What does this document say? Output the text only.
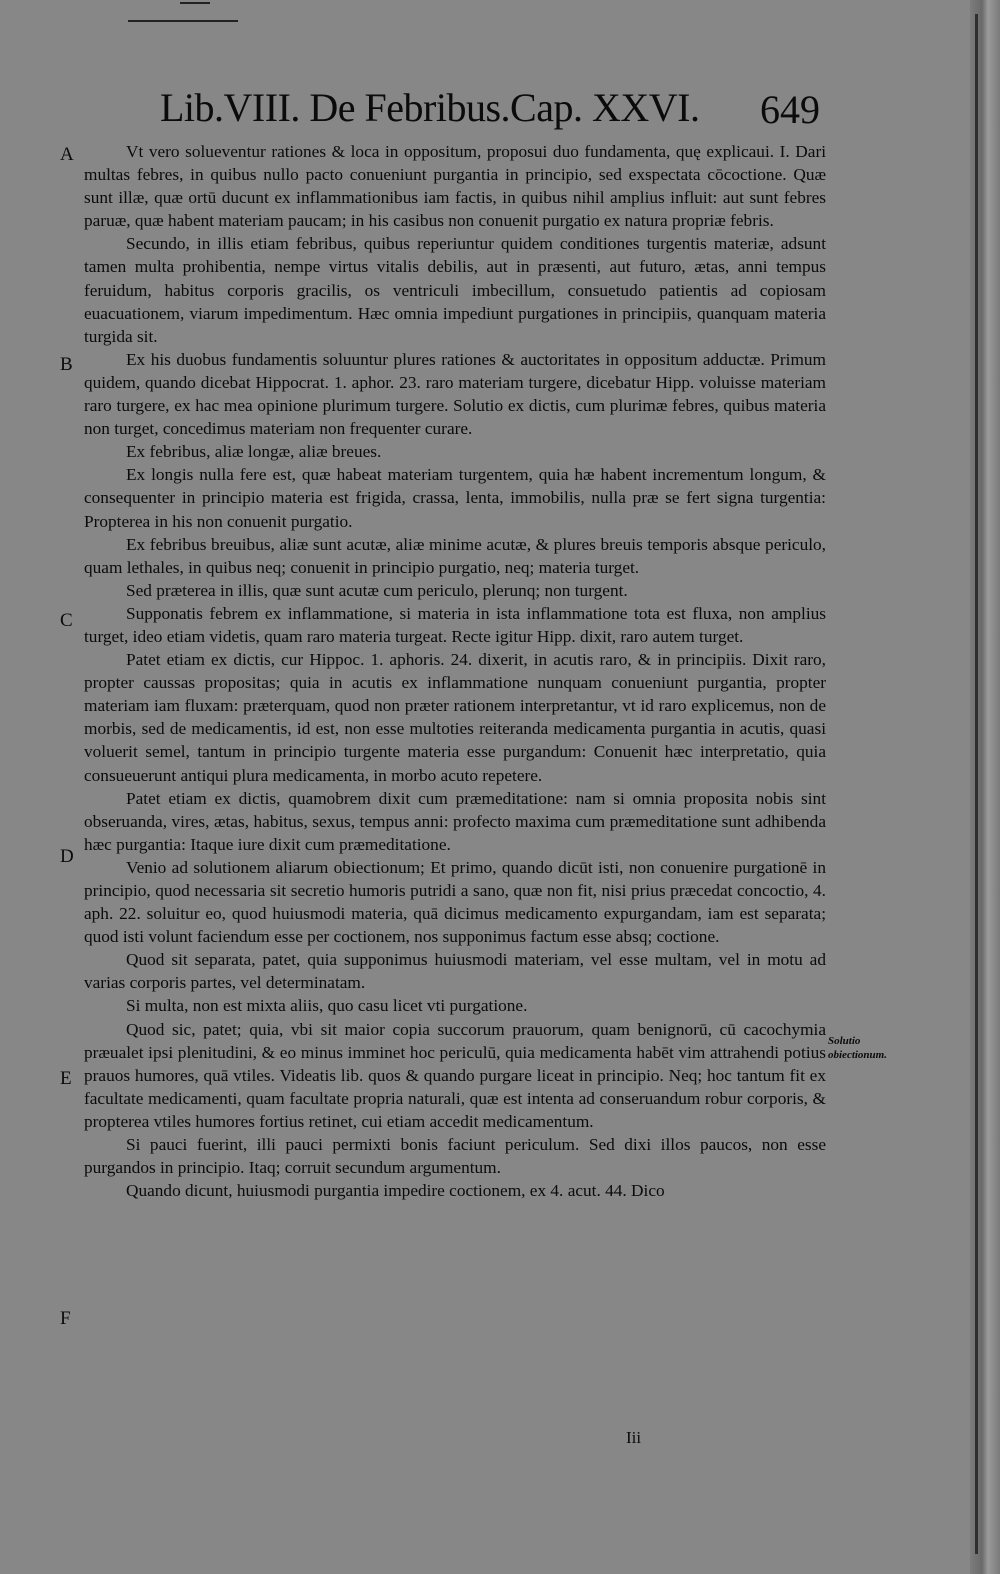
Lib.VIII. De Febribus.Cap. XXVI. 649
A
B
C
D
E
F
Solutio obiectionum.

Vt vero solueventur rationes & loca in oppositum, proposui duo fundamenta, quę explicaui. I. Dari multas febres, in quibus nullo pacto conueniunt purgantia in principio, sed exspectata cōcoctione. Quæ sunt illæ, quæ ortū ducunt ex inflammationibus iam factis, in quibus nihil amplius influit: aut sunt febres paruæ, quæ habent materiam paucam; in his casibus non conuenit purgatio ex natura propriæ febris.

Secundo, in illis etiam febribus, quibus reperiuntur quidem conditiones turgentis materiæ, adsunt tamen multa prohibentia, nempe virtus vitalis debilis, aut in præsenti, aut futuro, ætas, anni tempus feruidum, habitus corporis gracilis, os ventriculi imbecillum, consuetudo patientis ad copiosam euacuationem, viarum impedimentum. Hæc omnia impediunt purgationes in principiis, quanquam materia turgida sit.

Ex his duobus fundamentis soluuntur plures rationes & auctoritates in oppositum adductæ. Primum quidem, quando dicebat Hippocrat. 1. aphor. 23. raro materiam turgere, dicebatur Hipp. voluisse materiam raro turgere, ex hac mea opinione plurimum turgere. Solutio ex dictis, cum plurimæ febres, quibus materia non turget, concedimus materiam non frequenter curare.

Ex febribus, aliæ longæ, aliæ breues.

Ex longis nulla fere est, quæ habeat materiam turgentem, quia hæ habent incrementum longum, & consequenter in principio materia est frigida, crassa, lenta, immobilis, nulla præ se fert signa turgentia: Propterea in his non conuenit purgatio.

Ex febribus breuibus, aliæ sunt acutæ, aliæ minime acutæ, & plures breuis temporis absque periculo, quam lethales, in quibus neq; conuenit in principio purgatio, neq; materia turget.

Sed præterea in illis, quæ sunt acutæ cum periculo, plerunq; non turgent.

Supponatis febrem ex inflammatione, si materia in ista inflammatione tota est fluxa, non amplius turget, ideo etiam videtis, quam raro materia turgeat. Recte igitur Hipp. dixit, raro autem turget.

Patet etiam ex dictis, cur Hippoc. 1. aphoris. 24. dixerit, in acutis raro, & in principiis. Dixit raro, propter caussas propositas; quia in acutis ex inflammatione nunquam conueniunt purgantia, propter materiam iam fluxam: præterquam, quod non præter rationem interpretantur, vt id raro explicemus, non de morbis, sed de medicamentis, id est, non esse multoties reiteranda medicamenta purgantia in acutis, quasi voluerit semel, tantum in principio turgente materia esse purgandum: Conuenit hæc interpretatio, quia consueuerunt antiqui plura medicamenta, in morbo acuto repetere.

Patet etiam ex dictis, quamobrem dixit cum præmeditatione: nam si omnia proposita nobis sint obseruanda, vires, ætas, habitus, sexus, tempus anni: profecto maxima cum præmeditatione sunt adhibenda hæc purgantia: Itaque iure dixit cum præmeditatione.

Venio ad solutionem aliarum obiectionum; Et primo, quando dicūt isti, non conuenire purgationē in principio, quod necessaria sit secretio humoris putridi a sano, quæ non fit, nisi prius præcedat concoctio, 4. aph. 22. soluitur eo, quod huiusmodi materia, quā dicimus medicamento expurgandam, iam est separata; quod isti volunt faciendum esse per coctionem, nos supponimus factum esse absq; coctione.

Quod sit separata, patet, quia supponimus huiusmodi materiam, vel esse multam, vel in motu ad varias corporis partes, vel determinatam.

Si multa, non est mixta aliis, quo casu licet vti purgatione.

Quod sic, patet; quia, vbi sit maior copia succorum prauorum, quam benignorū, cū cacochymia præualet ipsi plenitudini, & eo minus imminet hoc periculū, quia medicamenta habēt vim attrahendi potius prauos humores, quā vtiles. Videatis lib. quos & quando purgare liceat in principio. Neq; hoc tantum fit ex facultate medicamenti, quam facultate propria naturali, quæ est intenta ad conseruandum robur corporis, & propterea vtiles humores fortius retinet, cui etiam accedit medicamentum.

Si pauci fuerint, illi pauci permixti bonis faciunt periculum. Sed dixi illos paucos, non esse purgandos in principio. Itaq; corruit secundum argumentum.

Quando dicunt, huiusmodi purgantia impedire coctionem, ex 4. acut. 44. Dico

Iii
